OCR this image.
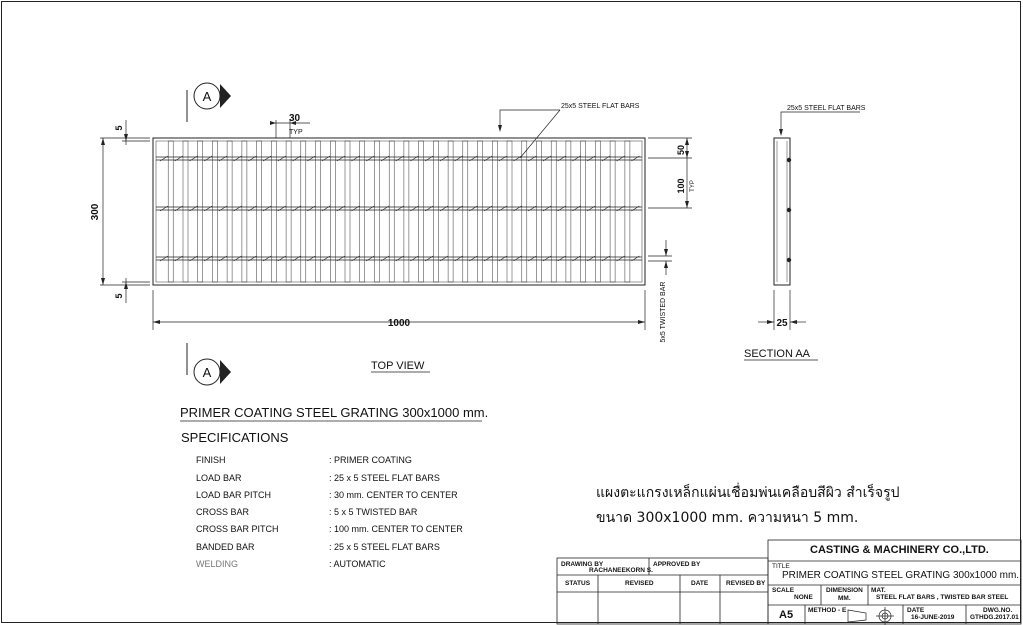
300
5
5
1000
30
TYP
50
100 TYP
25x5 STEEL FLAT BARS
5x5 TWISTED BAR
A
A	TOP VIEW
25
25x5 STEEL FLAT BARS
SECTION AA
PRIMER COATING STEEL GRATING 300x1000 mm.
SPECIFICATIONS
FINISH	: PRIMER COATING
LOAD BAR	: 25 x 5 STEEL FLAT BARS
LOAD BAR PITCH	: 30 mm. CENTER TO CENTER
CROSS BAR	: 5 x 5 TWISTED BAR
CROSS BAR PITCH	: 100 mm. CENTER TO CENTER
BANDED BAR	: 25 x 5 STEEL FLAT BARS
WELDING	: AUTOMATIC
แผงตะแกรงเหล็กแผ่นเชื่อมพ่นเคลือบสีผิว สำเร็จรูป
ขนาด 300x1000 mm. ความหนา 5 mm.
CASTING & MACHINERY CO.,LTD.
TITLE
PRIMER COATING STEEL GRATING 300x1000 mm.
DRAWING BY
RACHANEEKORN S.
APPROVED BY
STATUS	REVISED	DATE	REVISED BY
SCALE
NONE
DIMENSION
MM.
MAT.
STEEL FLAT BARS , TWISTED BAR STEEL
A5 METHOD - E	DATE
16-JUNE-2019
DWG.NO.
GTHDG.2017.01
